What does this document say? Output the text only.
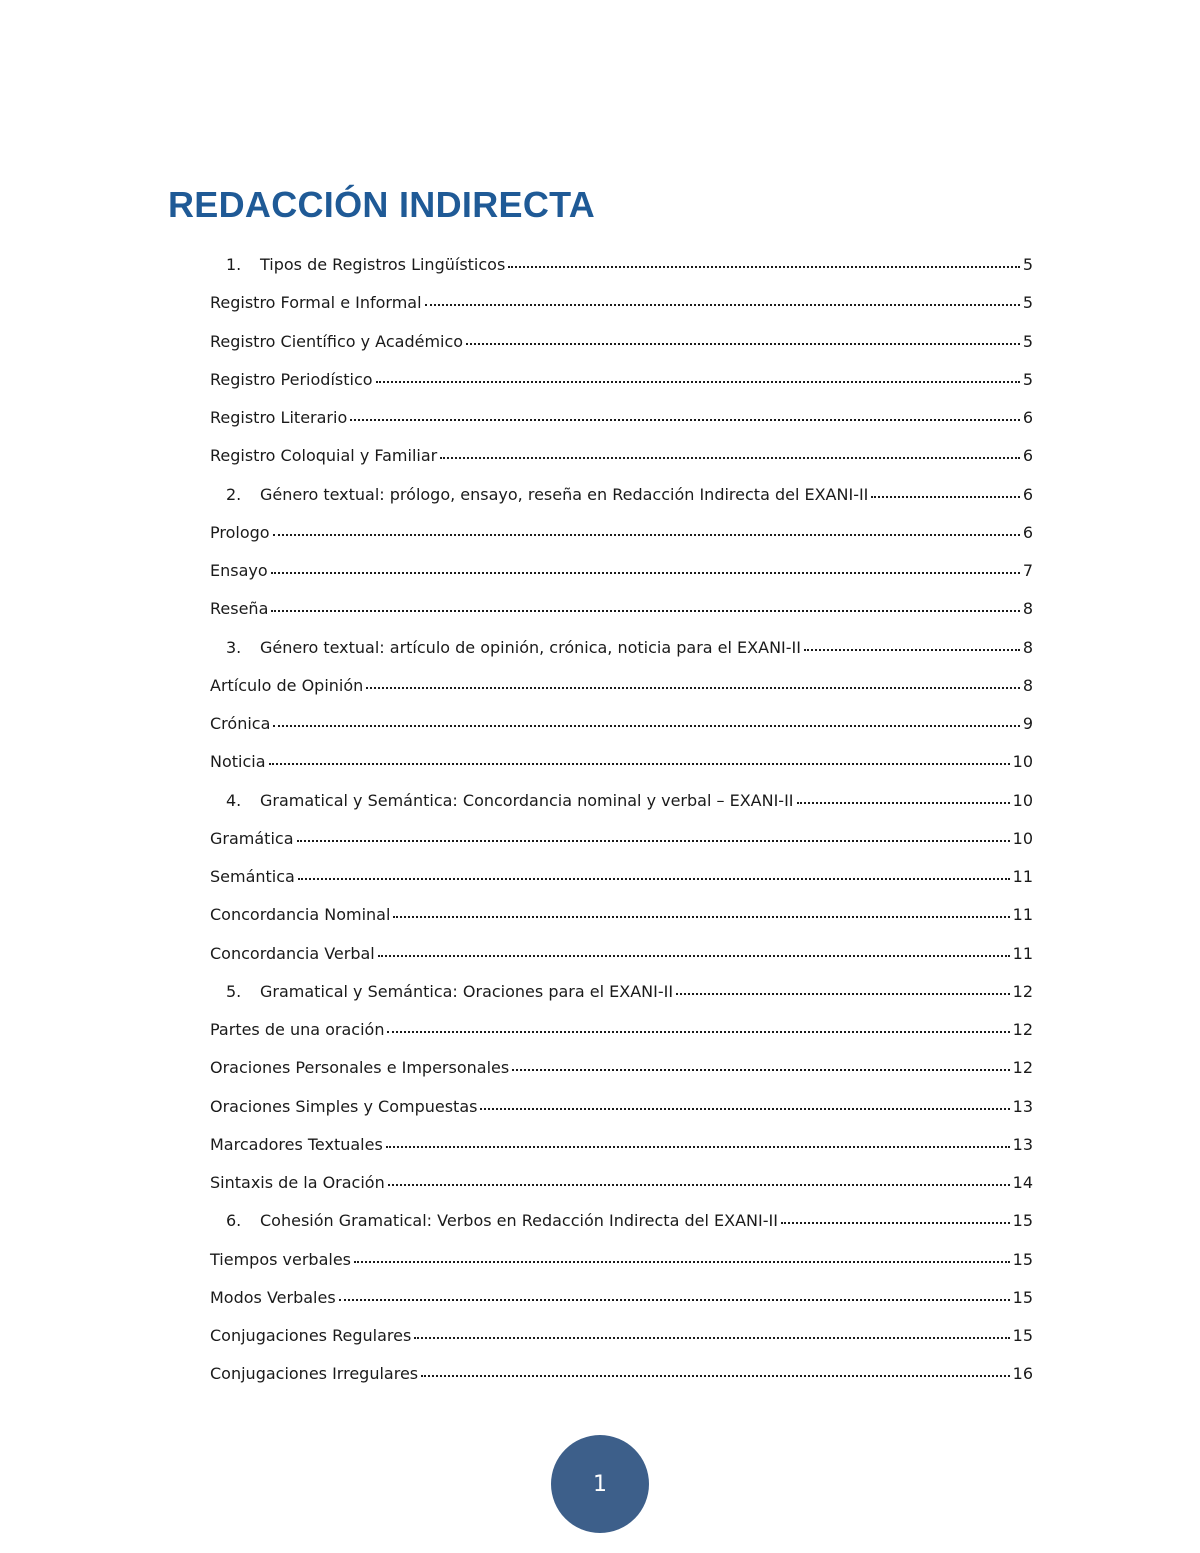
REDACCIÓN INDIRECTA
1.	Tipos de Registros Lingüísticos	5
Registro Formal e Informal	5
Registro Científico y Académico	5
Registro Periodístico	5
Registro Literario	6
Registro Coloquial y Familiar	6
2.	Género textual: prólogo, ensayo, reseña en Redacción Indirecta del EXANI-II	6
Prologo	6
Ensayo	7
Reseña	8
3.	Género textual: artículo de opinión, crónica, noticia para el EXANI-II	8
Artículo de Opinión	8
Crónica	9
Noticia	10
4.	Gramatical y Semántica: Concordancia nominal y verbal – EXANI-II	10
Gramática	10
Semántica	11
Concordancia Nominal	11
Concordancia Verbal	11
5.	Gramatical y Semántica: Oraciones para el EXANI-II	12
Partes de una oración	12
Oraciones Personales e Impersonales	12
Oraciones Simples y Compuestas	13
Marcadores Textuales	13
Sintaxis de la Oración	14
6.	Cohesión Gramatical: Verbos en Redacción Indirecta del EXANI-II	15
Tiempos verbales	15
Modos Verbales	15
Conjugaciones Regulares	15
Conjugaciones Irregulares	16
1
